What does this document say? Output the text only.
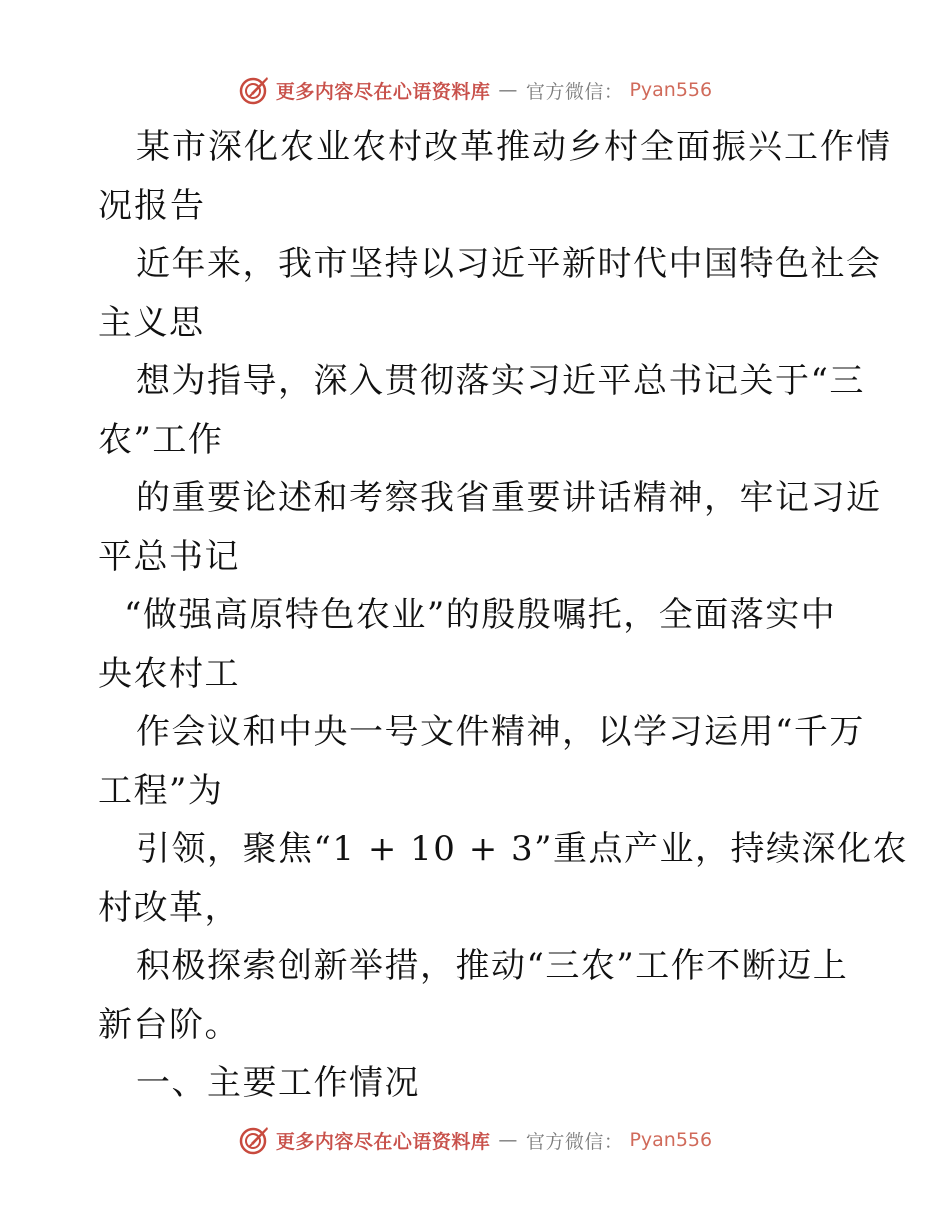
更多内容尽在心语资料库 — 官方微信： Pyan556
某市深化农业农村改革推动乡村全面振兴工作情
况报告
近年来，我市坚持以习近平新时代中国特色社会
主义思
想为指导，深入贯彻落实习近平总书记关于“三
农”工作
的重要论述和考察我省重要讲话精神，牢记习近
平总书记
“做强高原特色农业”的殷殷嘱托，全面落实中
央农村工
作会议和中央一号文件精神，以学习运用“千万
工程”为
引领，聚焦“1 + 10 + 3”重点产业，持续深化农
村改革，
积极探索创新举措，推动“三农”工作不断迈上
新台阶。
一、主要工作情况
更多内容尽在心语资料库 — 官方微信： Pyan556
